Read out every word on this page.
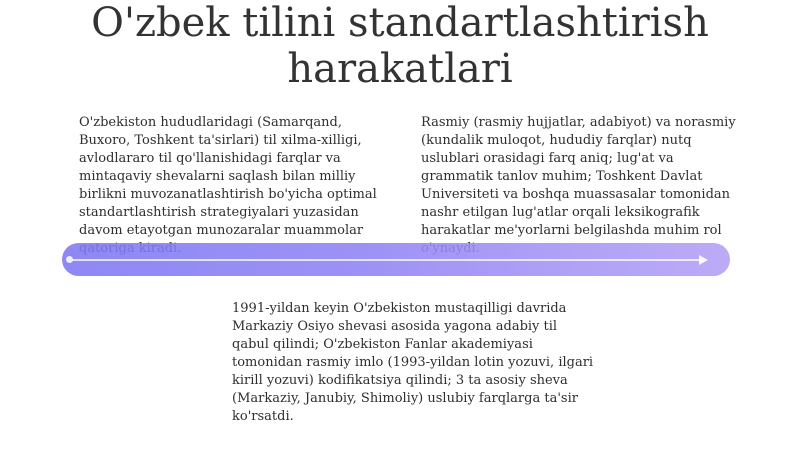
O'zbek tilini standartlashtirish harakatlari

O'zbekiston hududlaridagi (Samarqand, Buxoro, Toshkent ta'sirlari) til xilma-xilligi, avlodlararo til qo'llanishidagi farqlar va mintaqaviy shevalarni saqlash bilan milliy birlikni muvozanatlashtirish bo'yicha optimal standartlashtirish strategiyalari yuzasidan davom etayotgan munozaralar muammolar

Rasmiy (rasmiy hujjatlar, adabiyot) va norasmiy (kundalik muloqot, hududiy farqlar) nutq uslublari orasidagi farq aniq; lug'at va grammatik tanlov muhim; Toshkent Davlat Universiteti va boshqa muassasalar tomonidan nashr etilgan lug'atlar orqali leksikografik harakatlar me'yorlarni belgilashda muhim rol

1991-yildan keyin O'zbekiston mustaqilligi davrida Markaziy Osiyo shevasi asosida yagona adabiy til qabul qilindi; O'zbekiston Fanlar akademiyasi tomonidan rasmiy imlo (1993-yildan lotin yozuvi, ilgari kirill yozuvi) kodifikatsiya qilindi; 3 ta asosiy sheva (Markaziy, Janubiy, Shimoliy) uslubiy farqlarga ta'sir ko'rsatdi.
